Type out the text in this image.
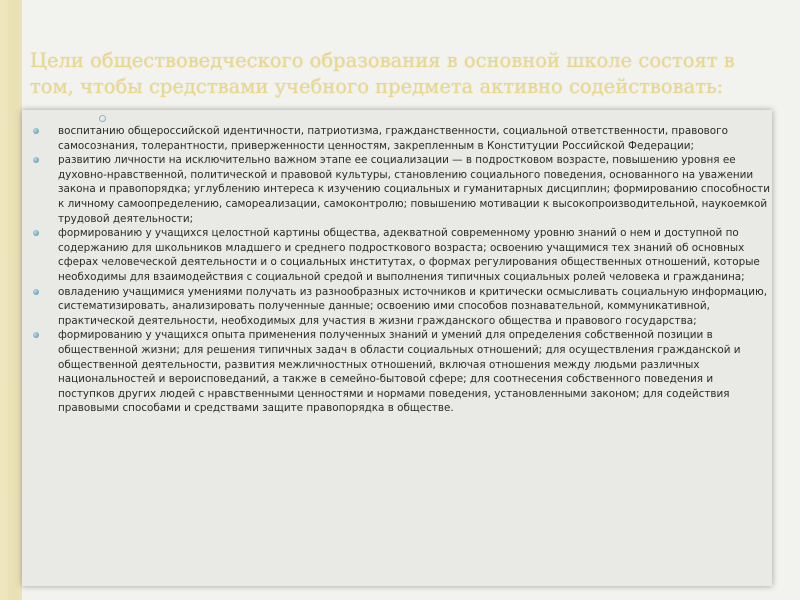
Цели обществоведческого образования в основной школе состоят в том, чтобы средствами учебного предмета активно содействовать:
воспитанию общероссийской идентичности, патриотизма, гражданственности, социальной ответственности, правового самосознания, толерантности, приверженности ценностям, закрепленным в Конституции Российской Федерации;
развитию личности на исключительно важном этапе ее социализации — в подростковом возрасте, повышению уровня ее духовно-нравственной, политической и правовой культуры, становлению социального поведения, основанного на уважении закона и правопорядка; углублению интереса к изучению социальных и гуманитарных дисциплин; формированию способности к личному самоопределению, самореализации, самоконтролю; повышению мотивации к высокопроизводительной, наукоемкой трудовой деятельности;
формированию у учащихся целостной картины общества, адекватной современному уровню знаний о нем и доступной по содержанию для школьников младшего и среднего подросткового возраста; освоению учащимися тех знаний об основных сферах человеческой деятельности и о социальных институтах, о формах регулирования общественных отношений, которые необходимы для взаимодействия с социальной средой и выполнения типичных социальных ролей человека и гражданина;
овладению учащимися умениями получать из разнообразных источников и критически осмысливать социальную информацию, систематизировать, анализировать полученные данные; освоению ими способов познавательной, коммуникативной, практической деятельности, необходимых для участия в жизни гражданского общества и правового государства;
формированию у учащихся опыта применения полученных знаний и умений для определения собственной позиции в общественной жизни; для решения типичных задач в области социальных отношений; для осуществления гражданской и общественной деятельности, развития межличностных отношений, включая отношения между людьми различных национальностей и вероисповеданий, а также в семейно-бытовой сфере; для соотнесения собственного поведения и поступков других людей с нравственными ценностями и нормами поведения, установленными законом; для содействия правовыми способами и средствами защите правопорядка в обществе.
